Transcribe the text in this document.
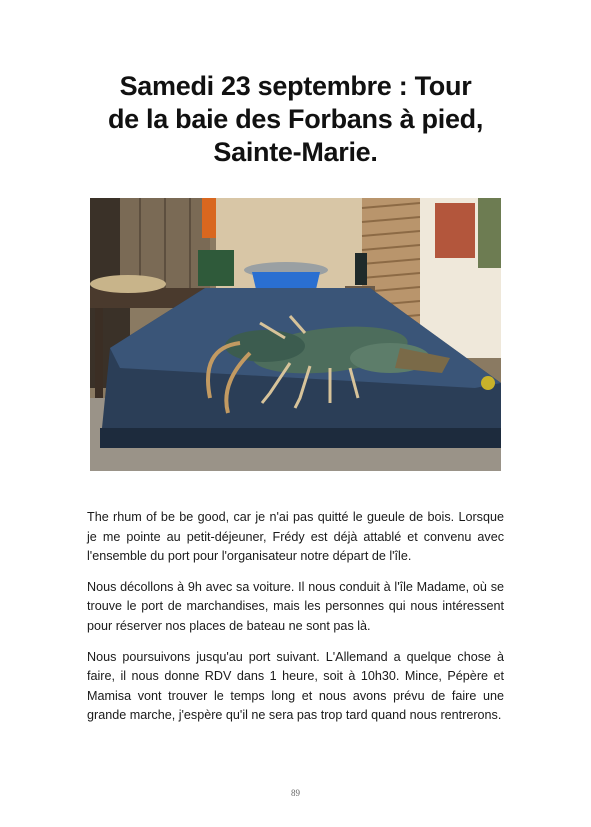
Samedi 23 septembre : Tour
de la baie des Forbans à pied,
Sainte-Marie.

The rhum of be be good, car je n'ai pas quitté le gueule de bois. Lorsque je me pointe au petit-déjeuner, Frédy est déjà attablé et convenu avec l'ensemble du port pour l'organisateur notre départ de l'île.

Nous décollons à 9h avec sa voiture. Il nous conduit à l'île Madame, où se trouve le port de marchandises, mais les personnes qui nous intéressent pour réserver nos places de bateau ne sont pas là.

Nous poursuivons jusqu'au port suivant. L'Allemand a quelque chose à faire, il nous donne RDV dans 1 heure, soit à 10h30. Mince, Pépère et Mamisa vont trouver le temps long et nous avons prévu de faire une grande marche, j'espère qu'il ne sera pas trop tard quand nous rentrerons.

89
